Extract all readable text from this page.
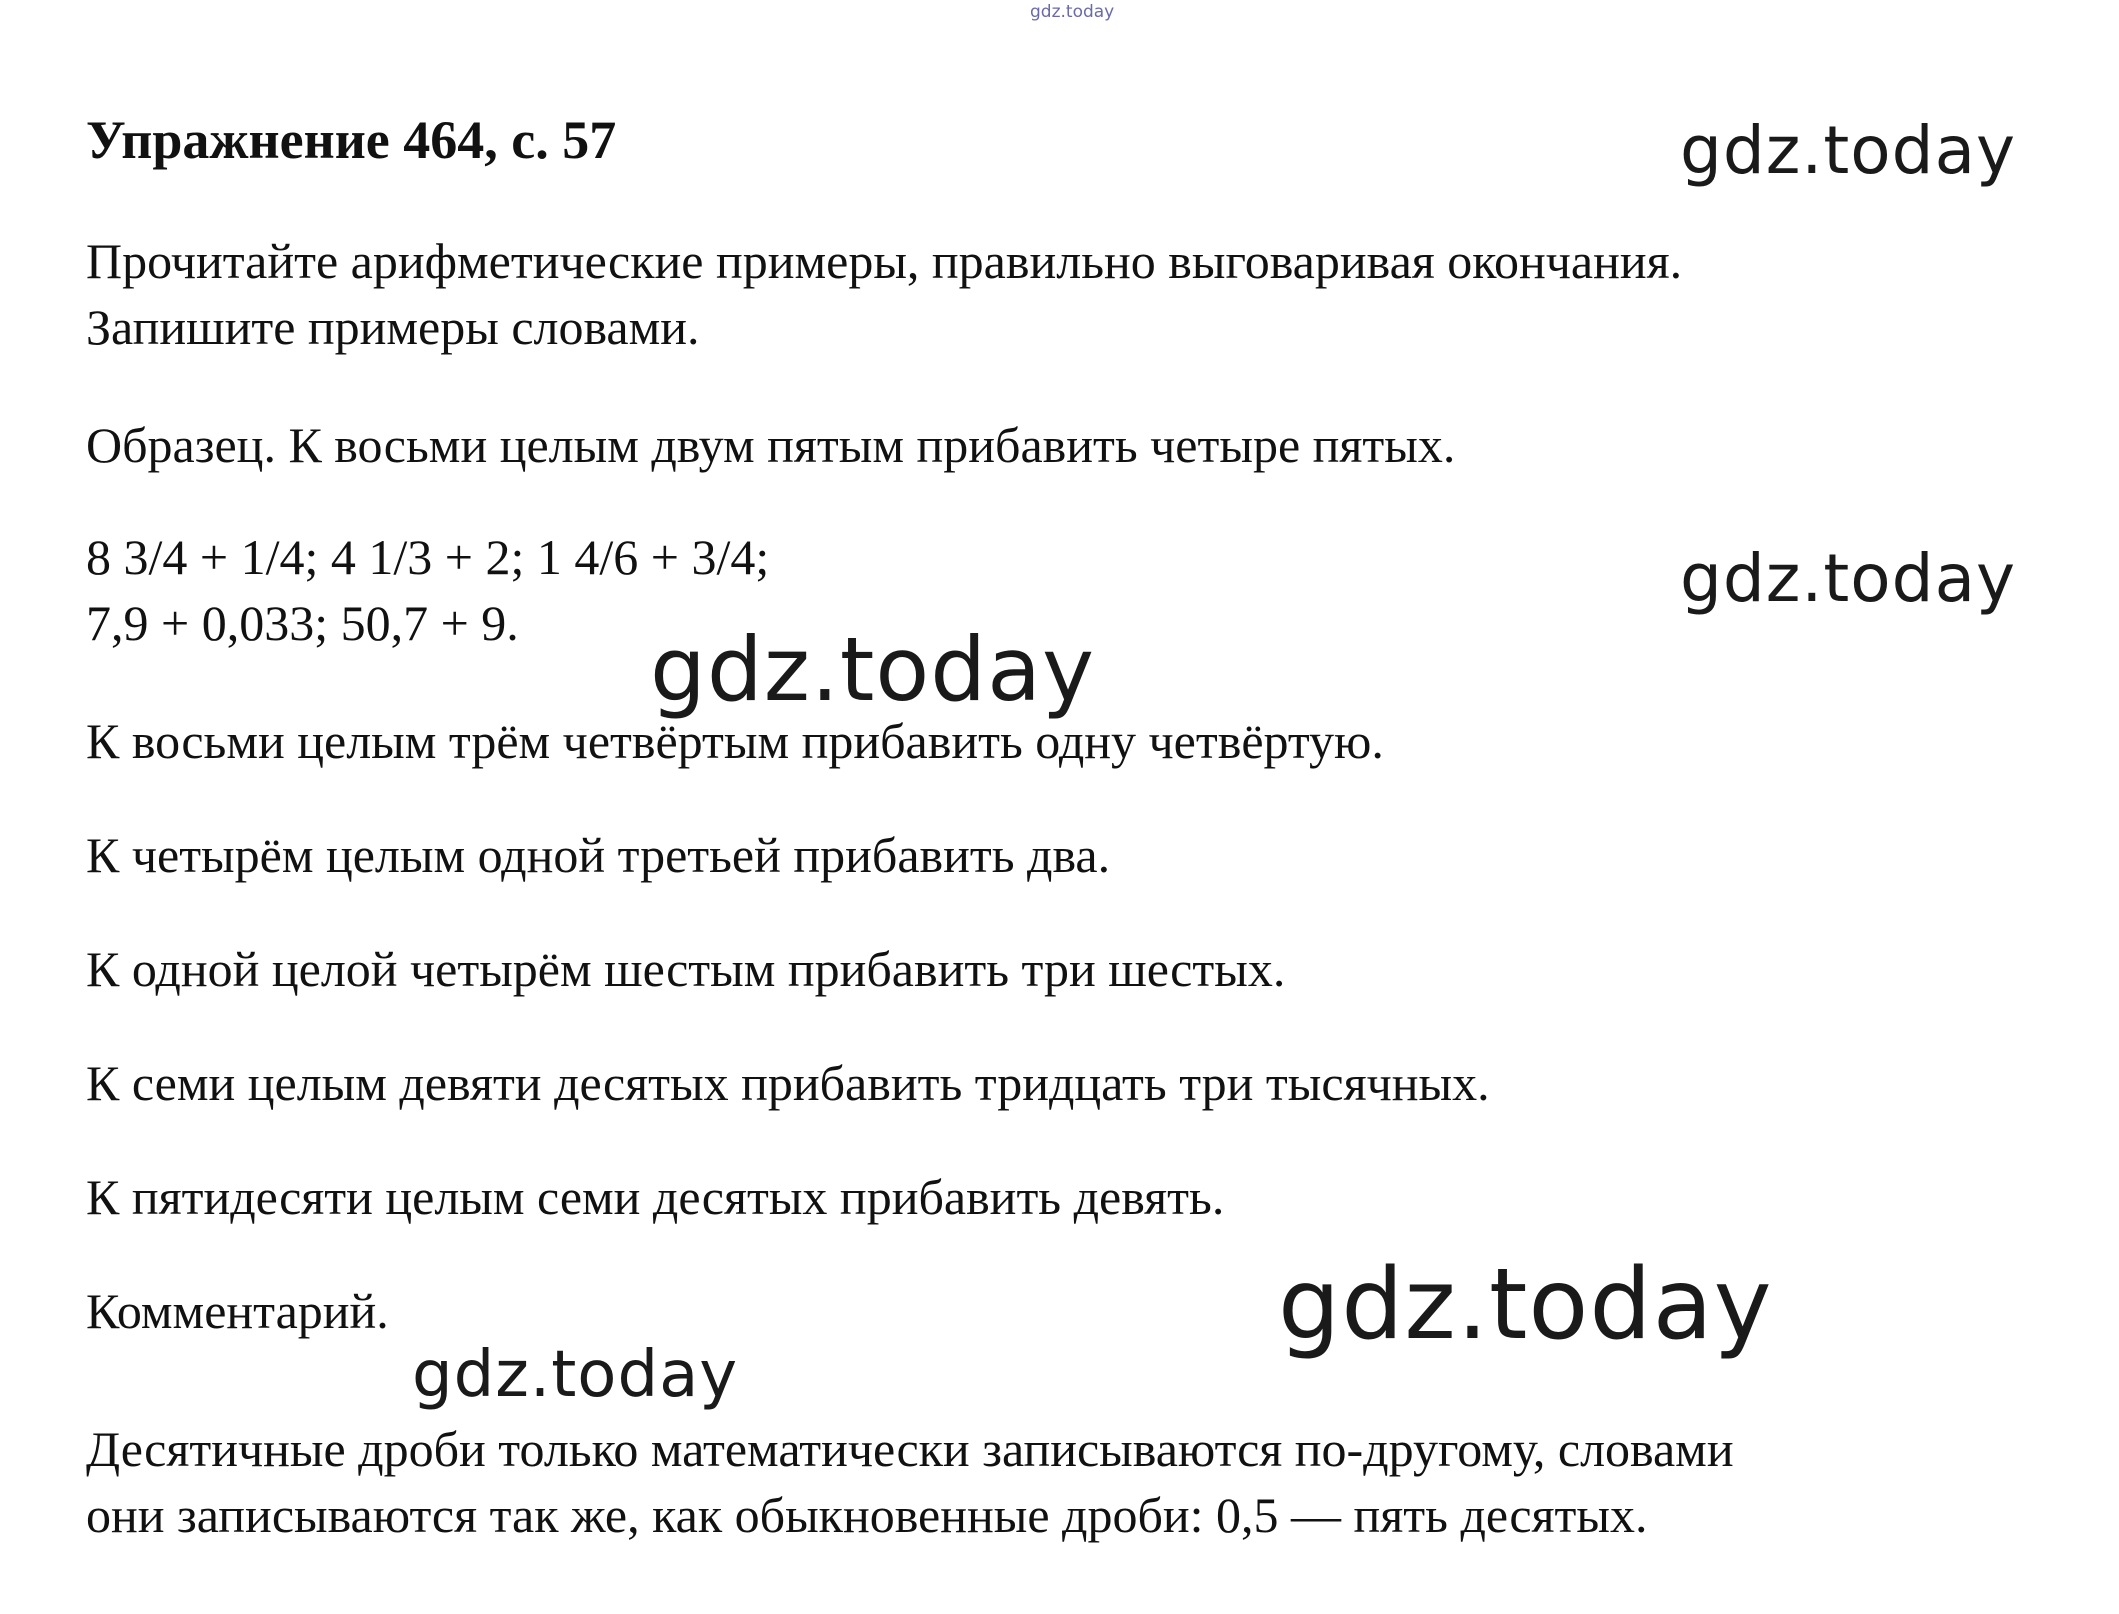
gdz.today
Упражнение 464, с. 57

Прочитайте арифметические примеры, правильно выговаривая окончания.

Запишите примеры словами.

Образец. К восьми целым двум пятым прибавить четыре пятых.

8 3/4 + 1/4; 4 1/3 + 2; 1 4/6 + 3/4;

7,9 + 0,033; 50,7 + 9.

К восьми целым трём четвёртым прибавить одну четвёртую.

К четырём целым одной третьей прибавить два.

К одной целой четырём шестым прибавить три шестых.

К семи целым девяти десятых прибавить тридцать три тысячных.

К пятидесяти целым семи десятых прибавить девять.

Комментарий.

Десятичные дроби только математически записываются по-другому, словами

они записываются так же, как обыкновенные дроби: 0,5 — пять десятых.

gdz.today
gdz.today
gdz.today
gdz.today
gdz.today
